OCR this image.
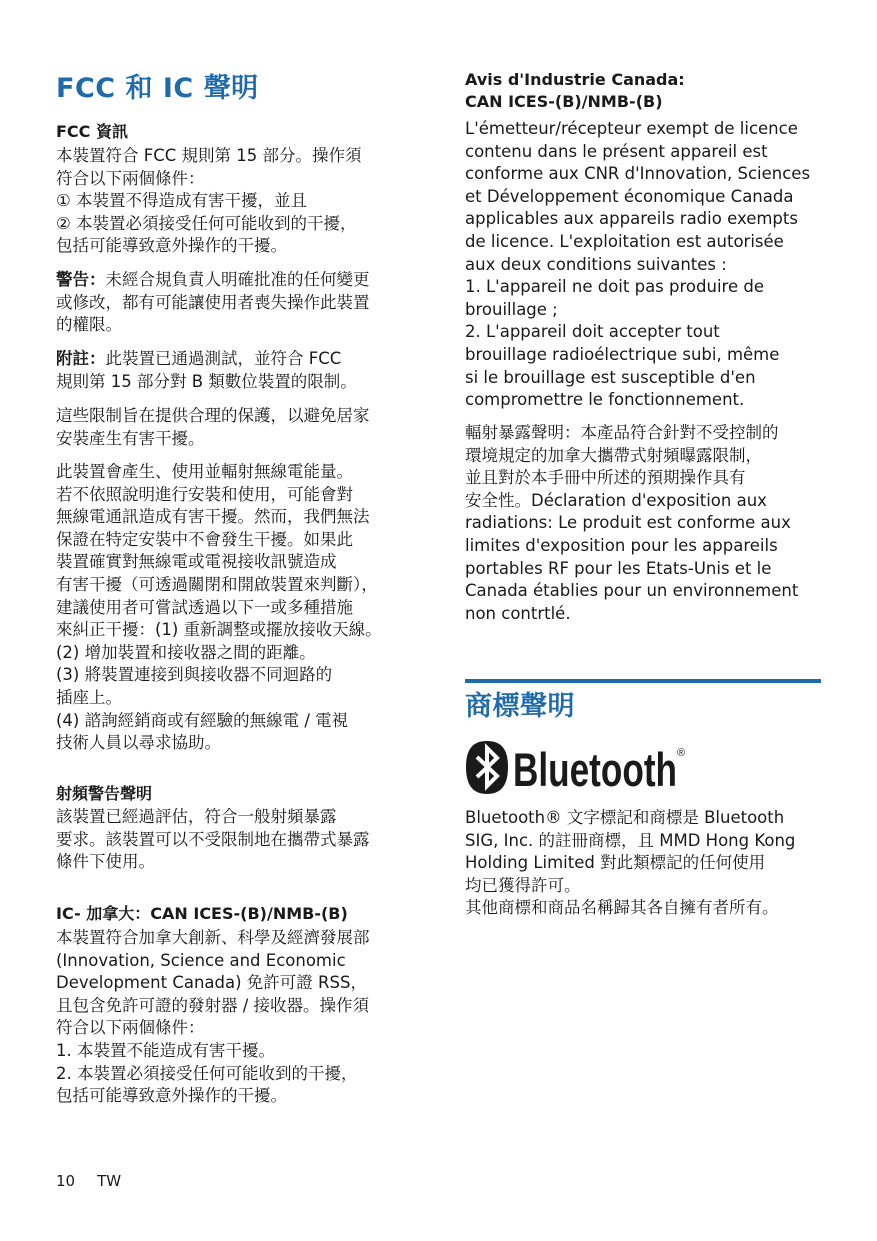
FCC 和 IC 聲明
FCC 資訊
本裝置符合 FCC 規則第 15 部分。操作須
符合以下兩個條件：
① 本裝置不得造成有害干擾，並且
② 本裝置必須接受任何可能收到的干擾，
包括可能導致意外操作的干擾。
警告：未經合規負責人明確批准的任何變更
或修改，都有可能讓使用者喪失操作此裝置
的權限。
附註：此裝置已通過測試，並符合 FCC
規則第 15 部分對 B 類數位裝置的限制。
這些限制旨在提供合理的保護，以避免居家
安裝產生有害干擾。
此裝置會產生、使用並輻射無線電能量。
若不依照說明進行安裝和使用，可能會對
無線電通訊造成有害干擾。然而，我們無法
保證在特定安裝中不會發生干擾。如果此
裝置確實對無線電或電視接收訊號造成
有害干擾（可透過關閉和開啟裝置來判斷），
建議使用者可嘗試透過以下一或多種措施
來糾正干擾：(1) 重新調整或擺放接收天線。
(2) 增加裝置和接收器之間的距離。
(3) 將裝置連接到與接收器不同迴路的
插座上。
(4) 諮詢經銷商或有經驗的無線電 / 電視
技術人員以尋求協助。
射頻警告聲明
該裝置已經過評估，符合一般射頻暴露
要求。該裝置可以不受限制地在攜帶式暴露
條件下使用。
IC- 加拿大：CAN ICES-(B)/NMB-(B)
本裝置符合加拿大創新、科學及經濟發展部
(Innovation, Science and Economic
Development Canada) 免許可證 RSS，
且包含免許可證的發射器 / 接收器。操作須
符合以下兩個條件：
1. 本裝置不能造成有害干擾。
2. 本裝置必須接受任何可能收到的干擾，
包括可能導致意外操作的干擾。
Avis d'Industrie Canada:
CAN ICES-(B)/NMB-(B)
L'émetteur/récepteur exempt de licence
contenu dans le présent appareil est
conforme aux CNR d'Innovation, Sciences
et Développement économique Canada
applicables aux appareils radio exempts
de licence. L'exploitation est autorisée
aux deux conditions suivantes :
1. L'appareil ne doit pas produire de
brouillage ;
2. L'appareil doit accepter tout
brouillage radioélectrique subi, même
si le brouillage est susceptible d'en
compromettre le fonctionnement.
輻射暴露聲明：本產品符合針對不受控制的
環境規定的加拿大攜帶式射頻曝露限制，
並且對於本手冊中所述的預期操作具有
安全性。Déclaration d'exposition aux
radiations: Le produit est conforme aux
limites d'exposition pour les appareils
portables RF pour les Etats-Unis et le
Canada établies pour un environnement
non contrtlé.
商標聲明
Bluetooth ®
Bluetooth® 文字標記和商標是 Bluetooth
SIG, Inc. 的註冊商標，且 MMD Hong Kong
Holding Limited 對此類標記的任何使用
均已獲得許可。
其他商標和商品名稱歸其各自擁有者所有。
10 TW
